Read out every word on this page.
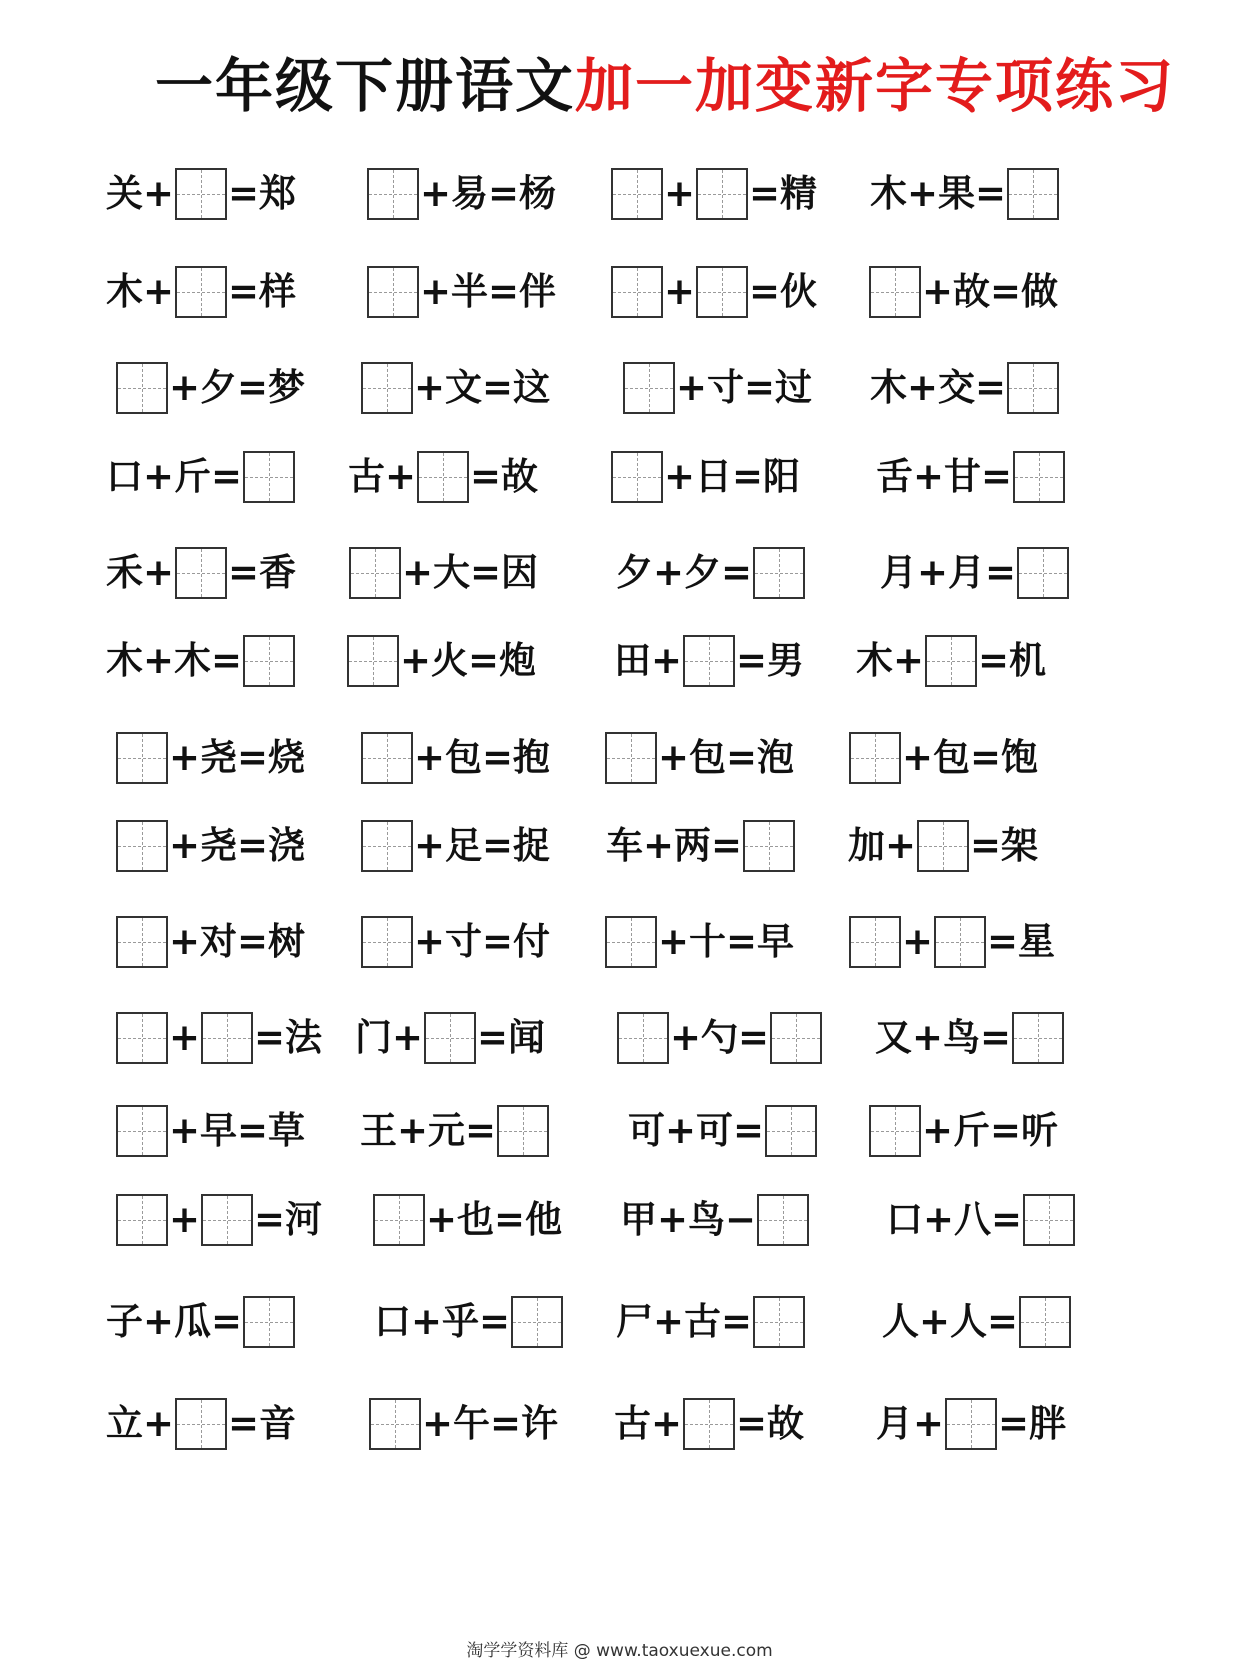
一年级下册语文加一加变新字专项练习
关+ =郑	+易=杨	+ =精 木+果=
木+ =样	+半=伴	+ =伙	+故=做
+夕=梦	+文=这	+寸=过 木+交=
口+斤=	古+ =故	+日=阳 舌+甘=
禾+ =香	+大=因 夕+夕=	月+月=
木+木=	+火=炮 田+ =男 木+ =机
+尧=烧	+包=抱	+包=泡	+包=饱
+尧=浇	+足=捉 车+两=	加+ =架
+对=树	+寸=付	+十=早	+ =星
+ =法 门+ =闻	+勺=	又+鸟=
+早=草 王+元=	可+可=	+斤=听
+ =河	+也=他 甲+鸟−	口+八=
子+瓜=	口+乎=	尸+古=	人+人=
立+ =音	+午=许 古+ =故 月+ =胖
淘学学资料库 @ www.taoxuexue.com
